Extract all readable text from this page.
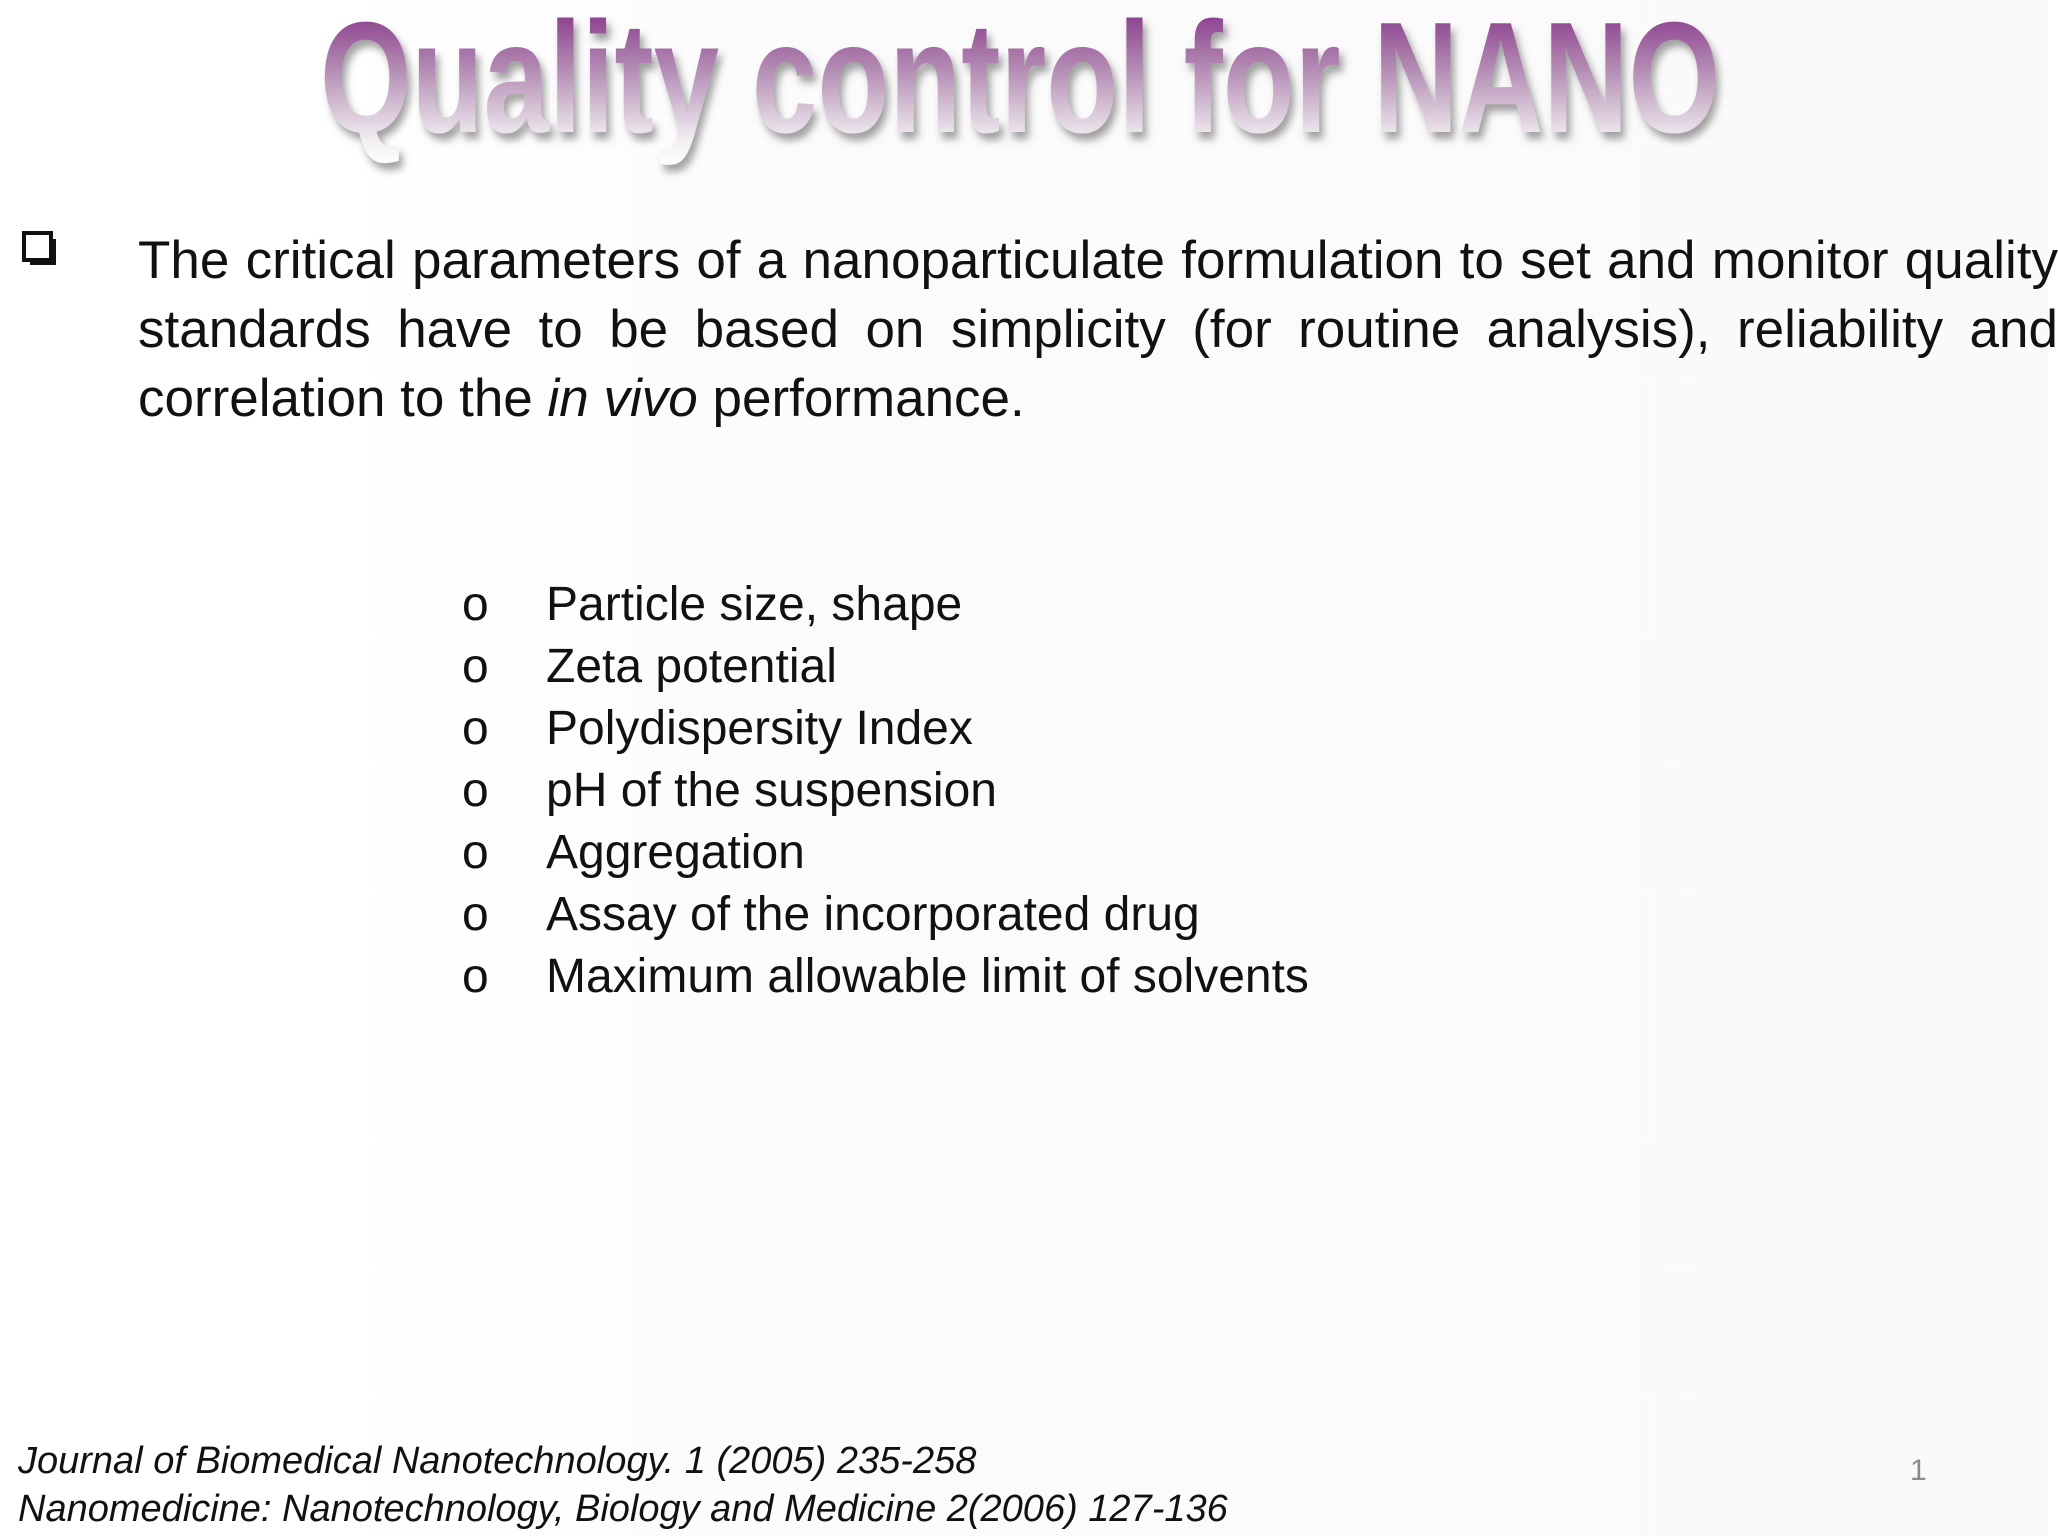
Quality control for NANO
The critical parameters of a nanoparticulate formulation to set and monitor quality standards have to be based on simplicity (for routine analysis), reliability and correlation to the in vivo performance.
o Particle size, shape
o Zeta potential
o Polydispersity Index
o pH of the suspension
o Aggregation
o Assay of the incorporated drug
o Maximum allowable limit of solvents
Journal of Biomedical Nanotechnology. 1 (2005) 235-258
Nanomedicine: Nanotechnology, Biology and Medicine 2(2006) 127-136
1
